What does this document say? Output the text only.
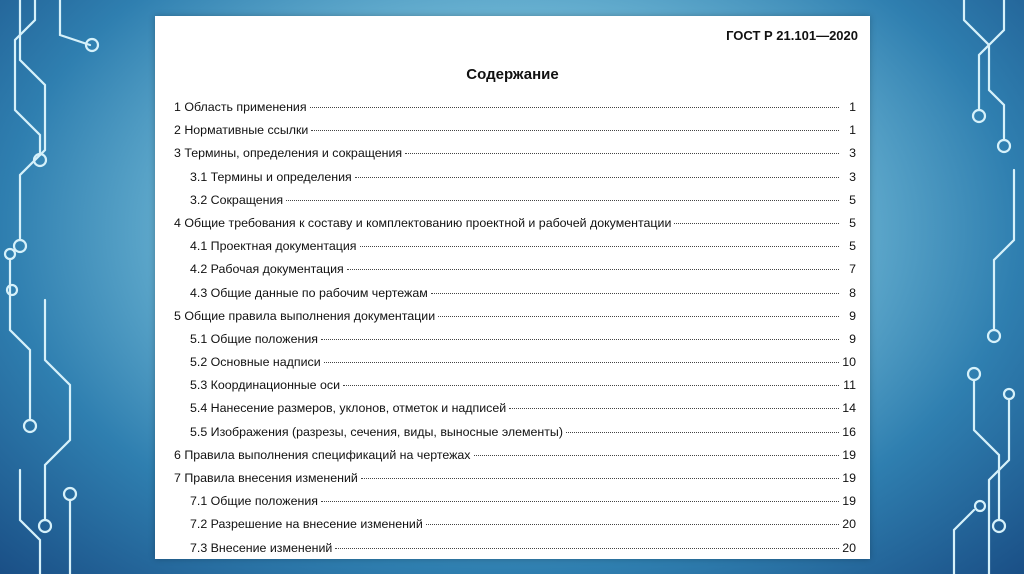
ГОСТ Р 21.101—2020
Содержание
1 Область применения	1
2 Нормативные ссылки	1
3 Термины, определения и сокращения	3
3.1 Термины и определения	3
3.2 Сокращения	5
4 Общие требования к составу и комплектованию проектной и рабочей документации	5
4.1 Проектная документация	5
4.2 Рабочая документация	7
4.3 Общие данные по рабочим чертежам	8
5 Общие правила выполнения документации	9
5.1 Общие положения	9
5.2 Основные надписи	10
5.3 Координационные оси	11
5.4 Нанесение размеров, уклонов, отметок и надписей	14
5.5 Изображения (разрезы, сечения, виды, выносные элементы)	16
6 Правила выполнения спецификаций на чертежах	19
7 Правила внесения изменений	19
7.1 Общие положения	19
7.2 Разрешение на внесение изменений	20
7.3 Внесение изменений	20
